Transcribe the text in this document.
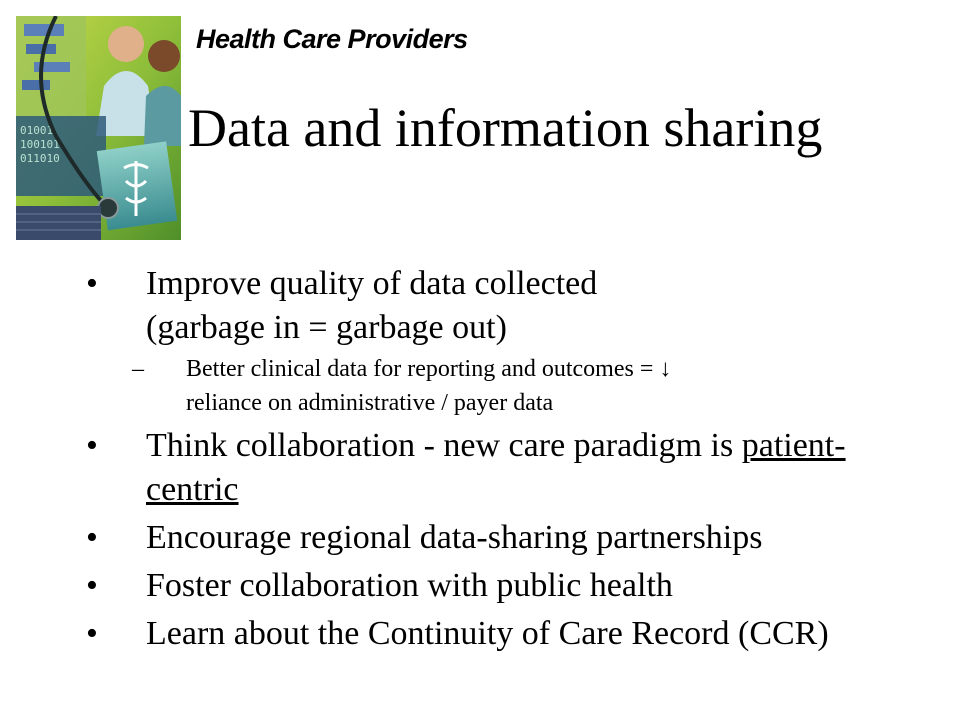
01001
100101
011010
Health Care Providers
Data and information sharing
• Improve quality of data collected
(garbage in = garbage out)
– Better clinical data for reporting and outcomes = ↓
reliance on administrative / payer data
• Think collaboration - new care paradigm is patient-
centric
• Encourage regional data-sharing partnerships
• Foster collaboration with public health
• Learn about the Continuity of Care Record (CCR)
